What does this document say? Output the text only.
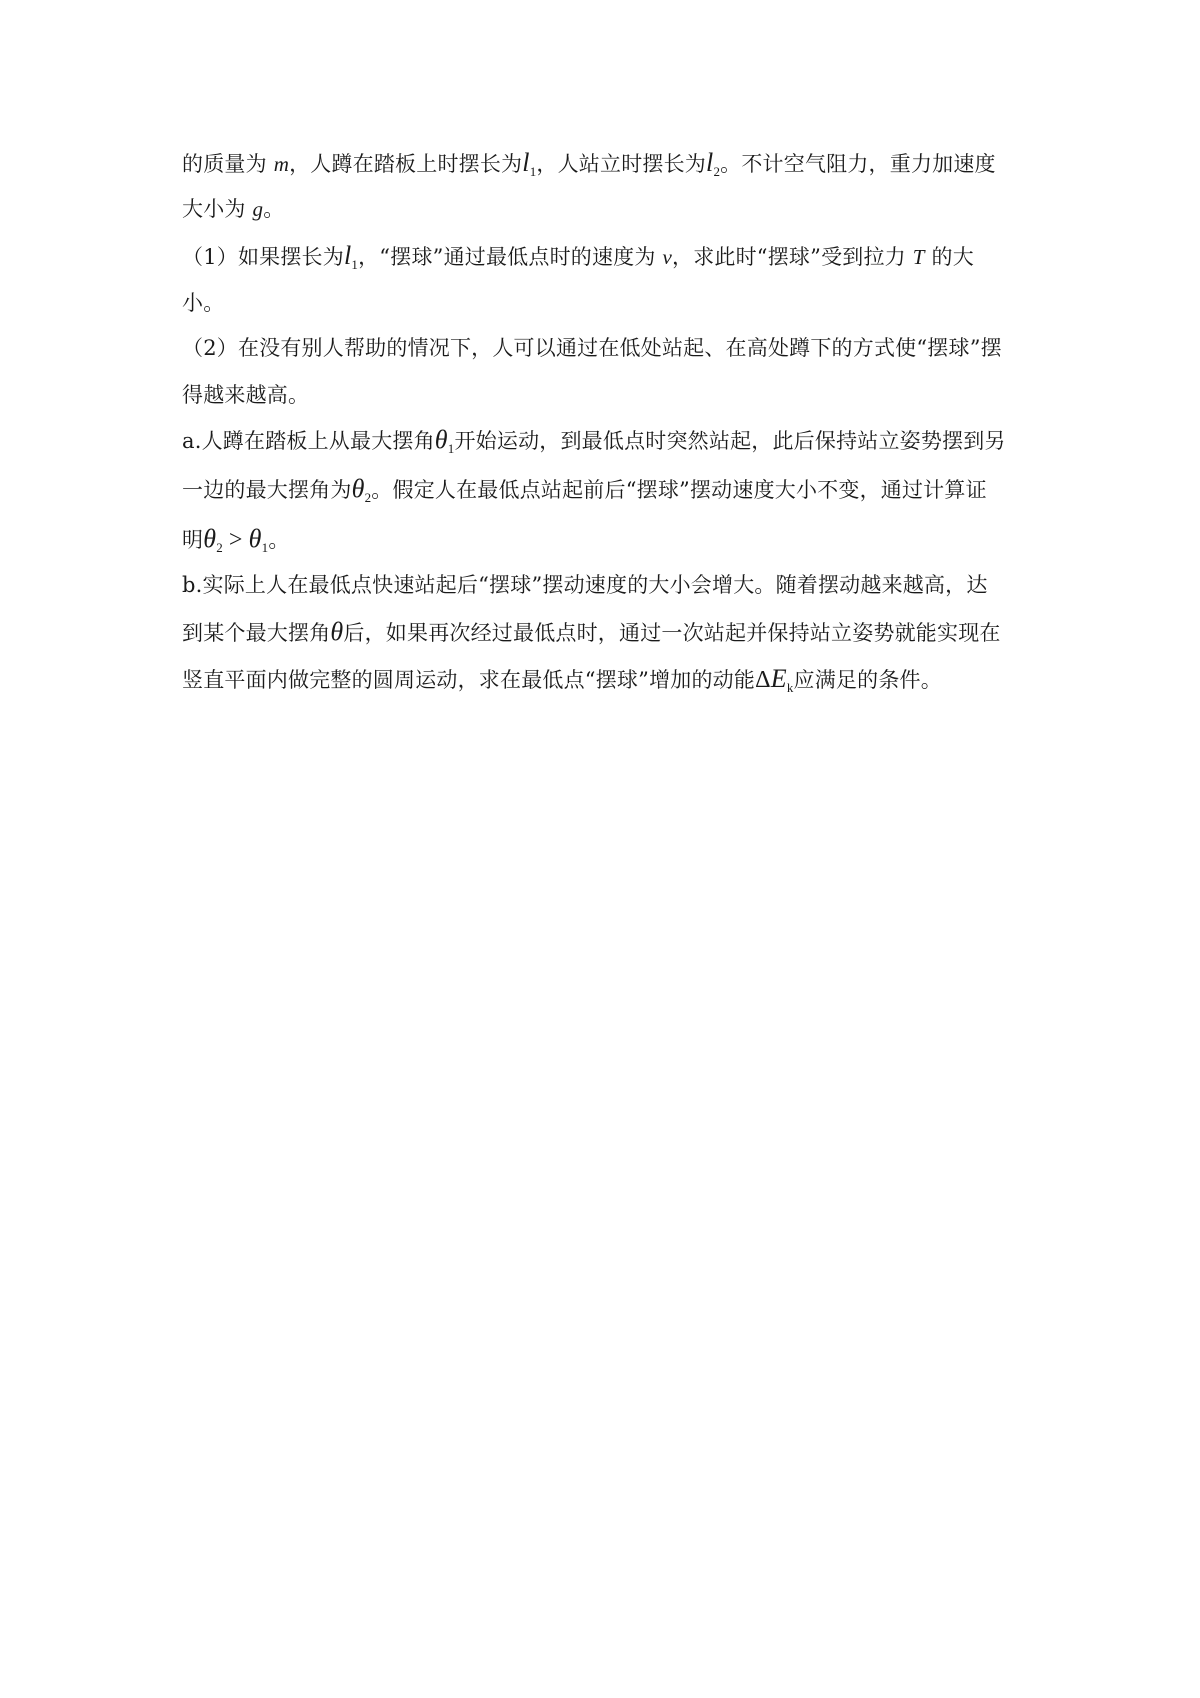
的质量为 m，人蹲在踏板上时摆长为$l_1$，人站立时摆长为$l_2$。不计空气阻力，重力加速度
大小为 g。
（1）如果摆长为$l_1$，“摆球”通过最低点时的速度为 v，求此时“摆球”受到拉力 T 的大
小。
（2）在没有别人帮助的情况下，人可以通过在低处站起、在高处蹲下的方式使“摆球”摆
得越来越高。
a.人蹲在踏板上从最大摆角$\theta_1$开始运动，到最低点时突然站起，此后保持站立姿势摆到另
一边的最大摆角为$\theta_2$。假定人在最低点站起前后“摆球”摆动速度大小不变，通过计算证
明$\theta_2 > \theta_1$。
b.实际上人在最低点快速站起后“摆球”摆动速度的大小会增大。随着摆动越来越高，达
到某个最大摆角θ后，如果再次经过最低点时，通过一次站起并保持站立姿势就能实现在
竖直平面内做完整的圆周运动，求在最低点“摆球”增加的动能$\Delta E_k$应满足的条件。
